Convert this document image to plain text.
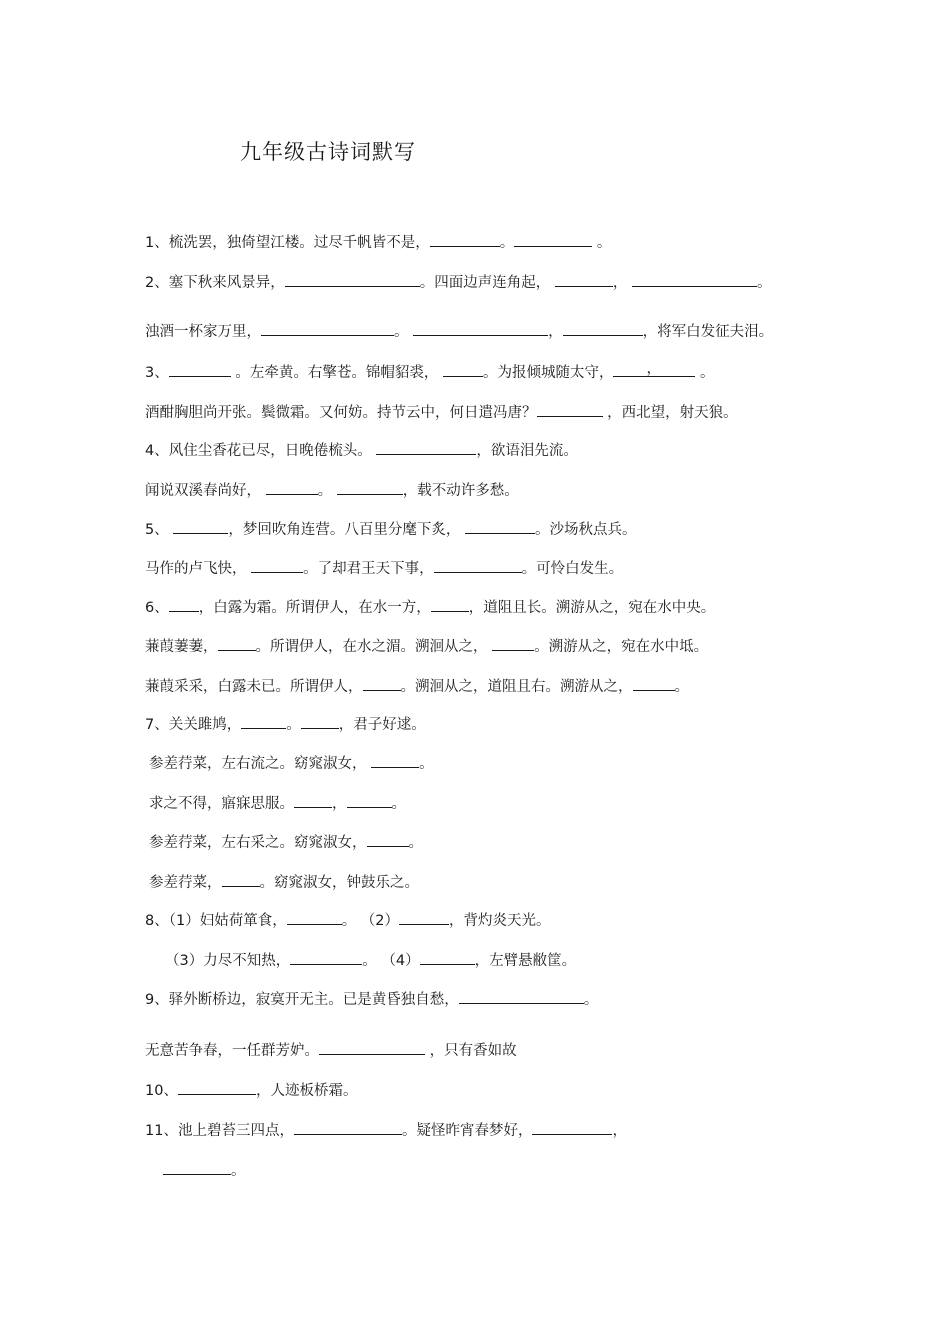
九年级古诗词默写
1、梳洗罢，独倚望江楼。过尽千帆皆不是，	。	。
2、塞下秋来风景异，	。四面边声连角起，	，	。
浊酒一杯家万里，	。	，	，将军白发征夫泪。
3、	。左牵黄。右擎苍。锦帽貂裘，	。为报倾城随太守， ， 。
酒酣胸胆尚开张。鬓微霜。又何妨。持节云中，何日遣冯唐？	，西北望，射天狼。
4、风住尘香花已尽，日晚倦梳头。	，欲语泪先流。
闻说双溪春尚好，	。	，载不动许多愁。
5、	，梦回吹角连营。八百里分麾下炙，	。沙场秋点兵。
马作的卢飞快，	。了却君王天下事，	。可怜白发生。
6、 ，白露为霜。所谓伊人，在水一方，	，道阻且长。溯游从之，宛在水中央。
蒹葭萋萋，	。所谓伊人，在水之湄。溯洄从之，	。溯游从之，宛在水中坻。
蒹葭采采，白露未已。所谓伊人，	。溯洄从之，道阻且右。溯游从之，	。
7、关关雎鸠，	。	，君子好逑。
参差荇菜，左右流之。窈窕淑女，	。
求之不得，寤寐思服。	，	。
参差荇菜，左右采之。窈窕淑女，	。
参差荇菜，	。窈窕淑女，钟鼓乐之。
8、（1）妇姑荷箪食，	。 （2）	，背灼炎天光。
（3）力尽不知热，	。 （4）	，左臂悬敝筐。
9、驿外断桥边，寂寞开无主。已是黄昏独自愁，	。
无意苦争春，一任群芳妒。	，只有香如故
10、	，人迹板桥霜。
11、池上碧苔三四点，	。疑怪昨宵春梦好，	，
。
